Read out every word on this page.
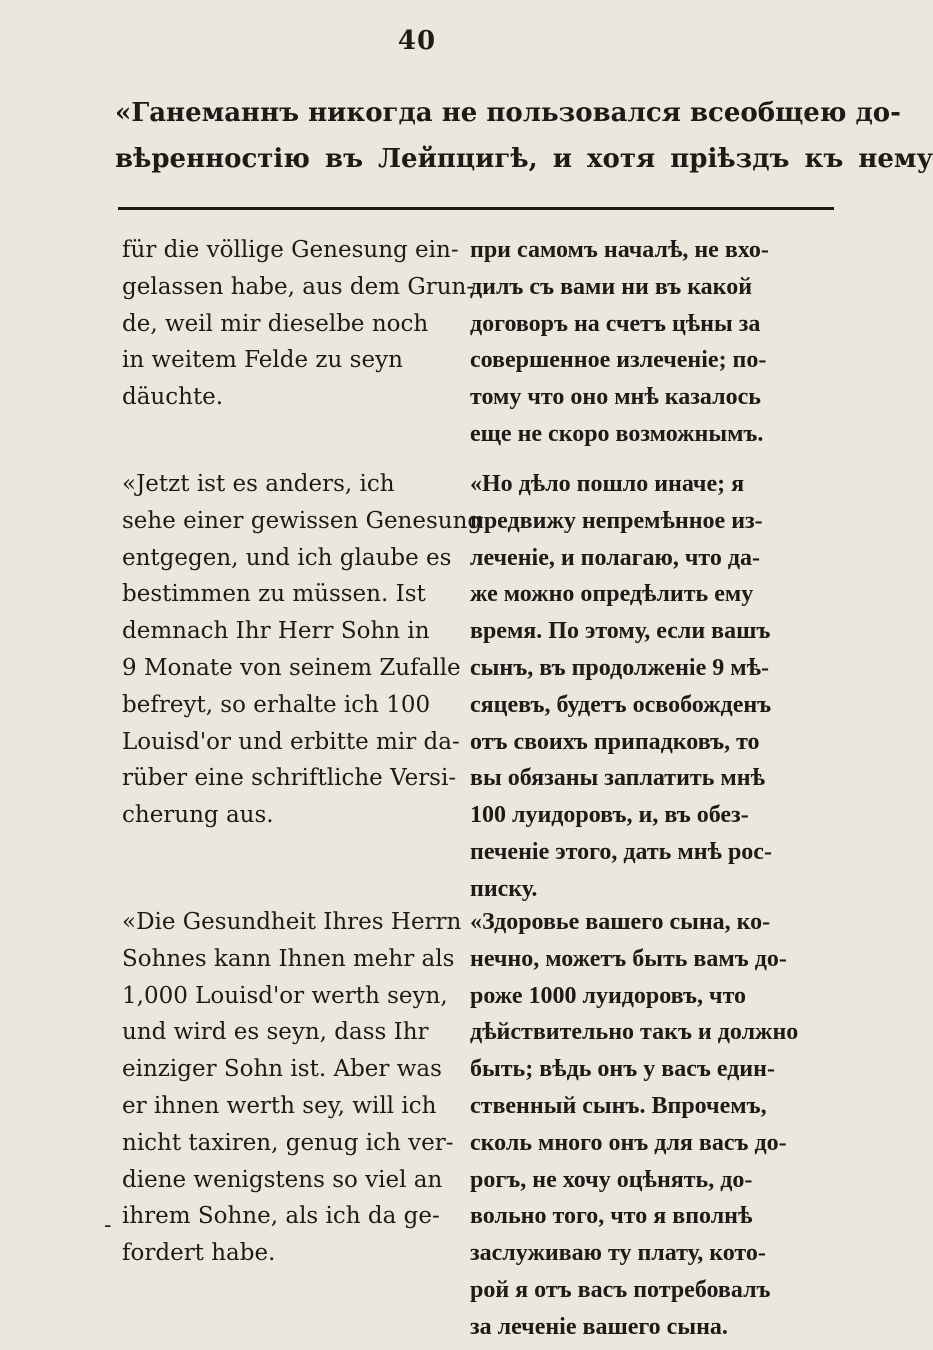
40
«Ганеманнъ никогда не пользовался всеобщею до-
вѣренностію въ Лейпцигѣ, и хотя пріѣздъ къ нему
für die völlige Genesung ein-
gelassen habe, aus dem Grun-
de, weil mir dieselbe noch
in weitem Felde zu seyn
däuchte.
«Jetzt ist es anders, ich
sehe einer gewissen Genesung
entgegen, und ich glaube es
bestimmen zu müssen. Ist
demnach Ihr Herr Sohn in
9 Monate von seinem Zufalle
befreyt, so erhalte ich 100
Louisd'or und erbitte mir da-
rüber eine schriftliche Versi-
cherung aus.
«Die Gesundheit Ihres Herrn
Sohnes kann Ihnen mehr als
1,000 Louisd'or werth seyn,
und wird es seyn, dass Ihr
einziger Sohn ist. Aber was
er ihnen werth sey, will ich
nicht taxiren, genug ich ver-
diene wenigstens so viel an
ihrem Sohne, als ich da ge-
fordert habe.
при самомъ началѣ, не вхо-
дилъ съ вами ни въ какой
договоръ на счетъ цѣны за
совершенное излеченіе; по-
тому что оно мнѣ казалось
еще не скоро возможнымъ.
«Но дѣло пошло иначе; я
предвижу непремѣнное из-
леченіе, и полагаю, что да-
же можно опредѣлить ему
время. По этому, если вашъ
сынъ, въ продолженіе 9 мѣ-
сяцевъ, будетъ освобожденъ
отъ своихъ припадковъ, то
вы обязаны заплатить мнѣ
100 луидоровъ, и, въ обез-
печеніе этого, дать мнѣ рос-
писку.
«Здоровье вашего сына, ко-
нечно, можетъ быть вамъ до-
роже 1000 луидоровъ, что
дѣйствительно такъ и должно
быть; вѣдь онъ у васъ един-
ственный сынъ. Впрочемъ,
сколь много онъ для васъ до-
рогъ, не хочу оцѣнять, до-
вольно того, что я вполнѣ
заслуживаю ту плату, кото-
рой я отъ васъ потребовалъ
за леченіе вашего сына.
-
